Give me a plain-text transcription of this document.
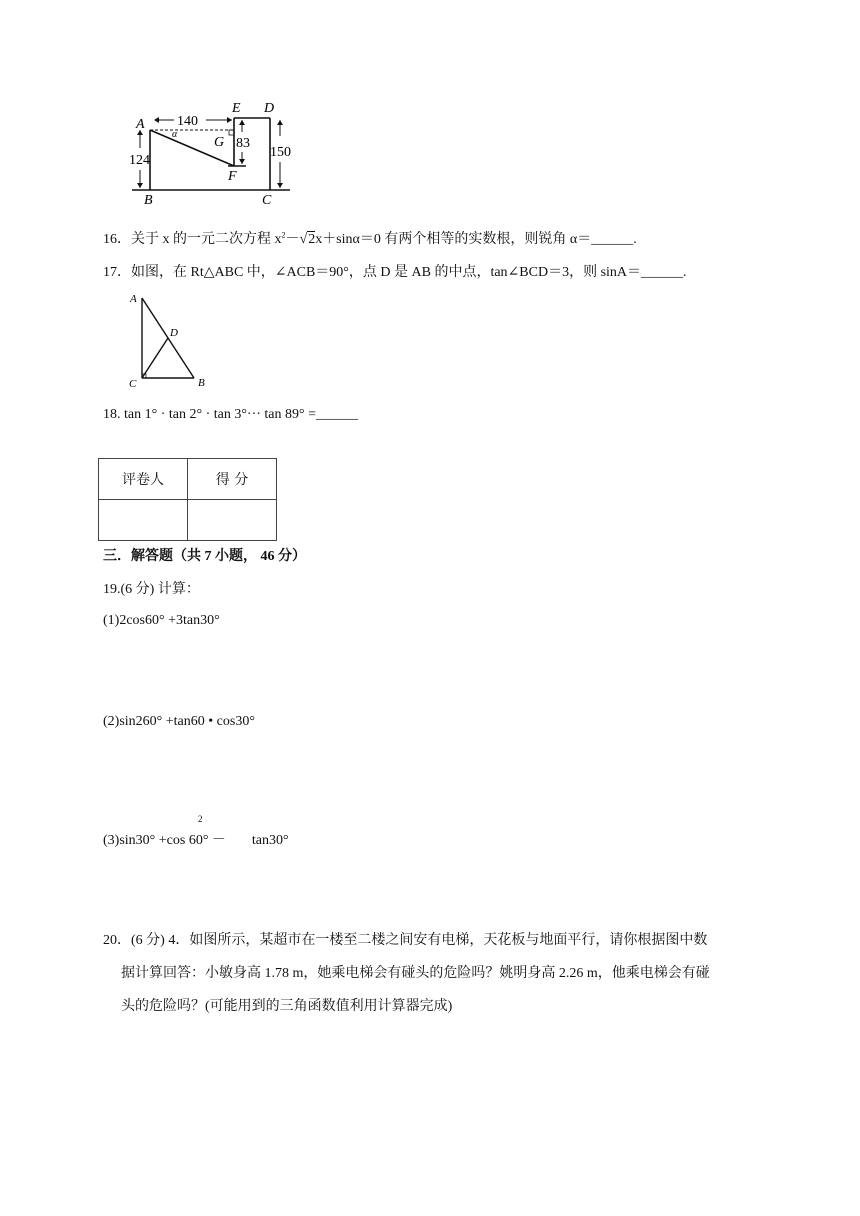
A
B	C
D
E
F
G
α
140
124
83
150
16．关于 x 的一元二次方程 $x^2-√2x+\sin\alpha=0$ 有两个相等的实数根，则锐角 α＝______.
17．如图，在 Rt△ABC 中，∠ACB＝90°，点 D 是 AB 的中点，tan∠BCD＝3，则 sinA＝______.
A
D
C	B
18. tan 1° · tan 2° · tan 3°··· tan 89° =______
评卷人	得 分

三．解答题（共 7 小题， 46 分）
19.(6 分) 计算：
(1)2cos60° +3tan30°
(2)sin260° +tan60 • cos30°
2
(3)sin30° +cos 60° － tan30°
20．(6 分) 4．如图所示，某超市在一楼至二楼之间安有电梯，天花板与地面平行，请你根据图中数
据计算回答：小敏身高 1.78 m，她乘电梯会有碰头的危险吗？姚明身高 2.26 m，他乘电梯会有碰
头的危险吗？(可能用到的三角函数值利用计算器完成)
